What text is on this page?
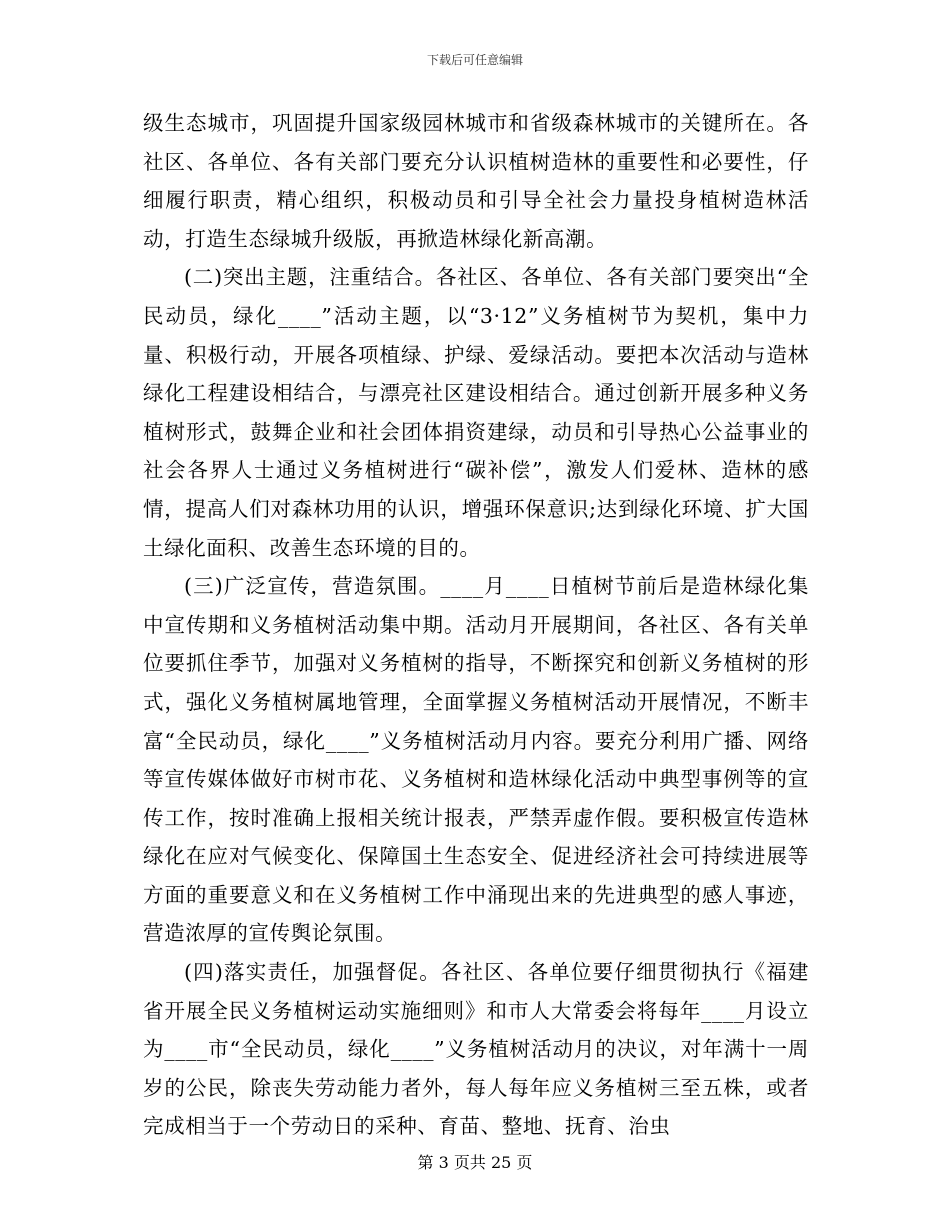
下载后可任意编辑

级生态城市，巩固提升国家级园林城市和省级森林城市的关键所在。各社区、各单位、各有关部门要充分认识植树造林的重要性和必要性，仔细履行职责，精心组织，积极动员和引导全社会力量投身植树造林活动，打造生态绿城升级版，再掀造林绿化新高潮。

(二)突出主题，注重结合。各社区、各单位、各有关部门要突出“全民动员，绿化____”活动主题，以“3·12”义务植树节为契机，集中力量、积极行动，开展各项植绿、护绿、爱绿活动。要把本次活动与造林绿化工程建设相结合，与漂亮社区建设相结合。通过创新开展多种义务植树形式，鼓舞企业和社会团体捐资建绿，动员和引导热心公益事业的社会各界人士通过义务植树进行“碳补偿”，激发人们爱林、造林的感情，提高人们对森林功用的认识，增强环保意识;达到绿化环境、扩大国土绿化面积、改善生态环境的目的。

(三)广泛宣传，营造氛围。____月____日植树节前后是造林绿化集中宣传期和义务植树活动集中期。活动月开展期间，各社区、各有关单位要抓住季节，加强对义务植树的指导，不断探究和创新义务植树的形式，强化义务植树属地管理，全面掌握义务植树活动开展情况，不断丰富“全民动员，绿化____”义务植树活动月内容。要充分利用广播、网络等宣传媒体做好市树市花、义务植树和造林绿化活动中典型事例等的宣传工作，按时准确上报相关统计报表，严禁弄虚作假。要积极宣传造林绿化在应对气候变化、保障国土生态安全、促进经济社会可持续进展等方面的重要意义和在义务植树工作中涌现出来的先进典型的感人事迹，营造浓厚的宣传舆论氛围。

(四)落实责任，加强督促。各社区、各单位要仔细贯彻执行《福建省开展全民义务植树运动实施细则》和市人大常委会将每年____月设立为____市“全民动员，绿化____”义务植树活动月的决议，对年满十一周岁的公民，除丧失劳动能力者外，每人每年应义务植树三至五株，或者完成相当于一个劳动日的采种、育苗、整地、抚育、治虫

第 3 页共 25 页
